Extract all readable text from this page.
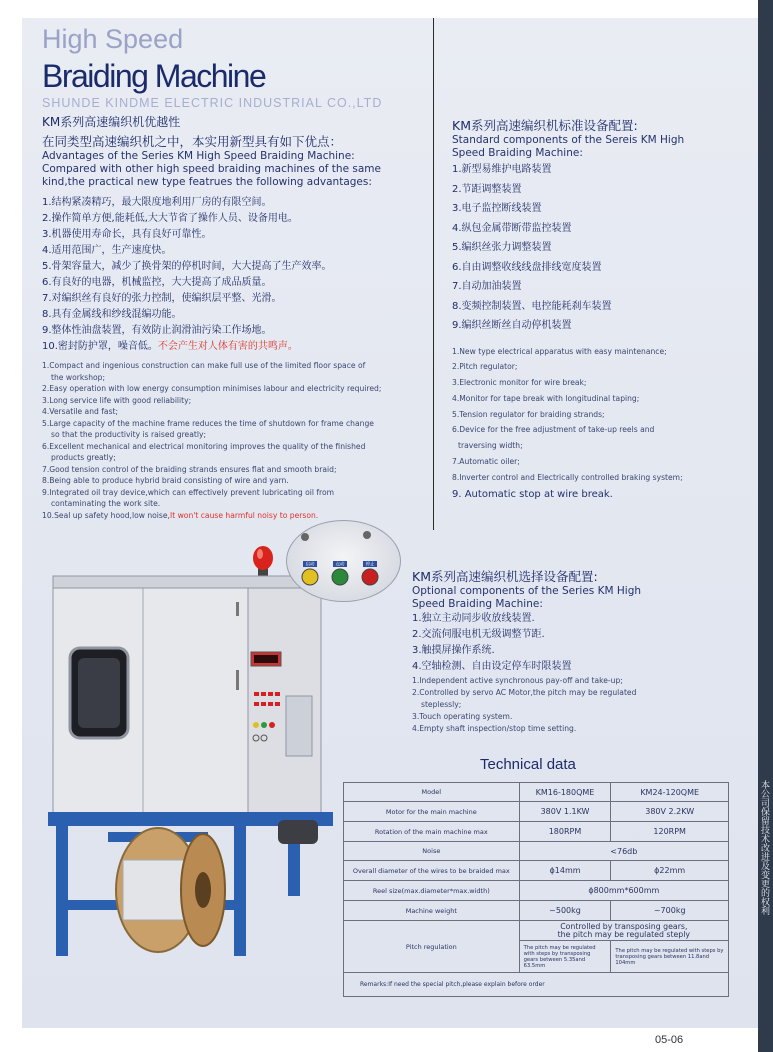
本公司保留技术改进及变更的权利
High Speed
Braiding Machine
SHUNDE KINDME ELECTRIC INDUSTRIAL CO.,LTD
KM系列高速编织机优越性
在同类型高速编织机之中，本实用新型具有如下优点：
Advantages of the Series KM High Speed Braiding Machine:
Compared with other high speed braiding machines of the same
kind,the practical new type featrues the following advantages:
1.结构紧凑精巧，最大限度地利用厂房的有限空间。
2.操作简单方便,能耗低,大大节省了操作人员、设备用电。
3.机器使用寿命长，具有良好可靠性。
4.适用范围广，生产速度快。
5.骨架容量大，减少了换骨架的停机时间，大大提高了生产效率。
6.有良好的电器，机械监控，大大提高了成品质量。
7.对编织丝有良好的张力控制，使编织层平整、光滑。
8.具有金属线和纱线混编功能。
9.整体性油盘装置，有效防止润滑油污染工作场地。
10.密封防护罩，噪音低。不会产生对人体有害的共鸣声。
1.Compact and ingenious construction can make full use of the limited floor space of
the workshop;
2.Easy operation with low energy consumption minimises labour and electricity required;
3.Long service life with good reliability;
4.Versatile and fast;
5.Large capacity of the machine frame reduces the time of shutdown for frame change
so that the productivity is raised greatly;
6.Excellent mechanical and electrical monitoring improves the quality of the finished
products greatly;
7.Good tension control of the braiding strands ensures flat and smooth braid;
8.Being able to produce hybrid braid consisting of wire and yarn.
9.Integrated oil tray device,which can effectively prevent lubricating oil from
contaminating the work site.
10.Seal up safety hood,low noise,It won't cause harmful noisy to person.
KM系列高速编织机标准设备配置:
Standard components of the Sereis KM High
Speed Braiding Machine:
1.新型易维护电路装置
2.节距调整装置
3.电子监控断线装置
4.纵包金属带断带监控装置
5.编织丝张力调整装置
6.自由调整收线线盘排线宽度装置
7.自动加油装置
8.变频控制装置、电控能耗刹车装置
9.编织丝断丝自动停机装置
1.New type electrical apparatus with easy maintenance;
2.Pitch regulator;
3.Electronic monitor for wire break;
4.Monitor for tape break with longitudinal taping;
5.Tension regulator for braiding strands;
6.Device for the free adjustment of take-up reels and
traversing width;
7.Automatic oiler;
8.Inverter control and Electrically controlled braking system;
9. Automatic stop at wire break.
启动	点动	停止
KM系列高速编织机选择设备配置:
Optional components of the Series KM High
Speed Braiding Machine:
1.独立主动同步收放线装置.
2.交流伺服电机无级调整节距.
3.触摸屏操作系统.
4.空轴检测、自由设定停车时限装置
1.Independent active synchronous pay-off and take-up;
2.Controlled by servo AC Motor,the pitch may be regulated
steplessly;
3.Touch operating system.
4.Empty shaft inspection/stop time setting.
Technical data
Model	KM16-180QME	KM24-120QME
Motor for the main machine	380V 1.1KW	380V 2.2KW
Rotation of the main machine max	180RPM	120RPM
Noise	<76db	
Overall diameter of the wires to be braided max	ϕ14mm	ϕ22mm
Reel size(max.diameter*max.width)	ϕ800mm*600mm	
Machine weight	~500kg	~700kg
Pitch regulation	Controlled by transposing gears,
the pitch may be regulated steply	

	The pitch may be regulated with steps by transposing gears between 5.35and 63.5mm	The pitch may be regulated with steps by transposing gears between 11.8and 104mm
Remarks:If need the special pitch,please explain before order		
05-06
